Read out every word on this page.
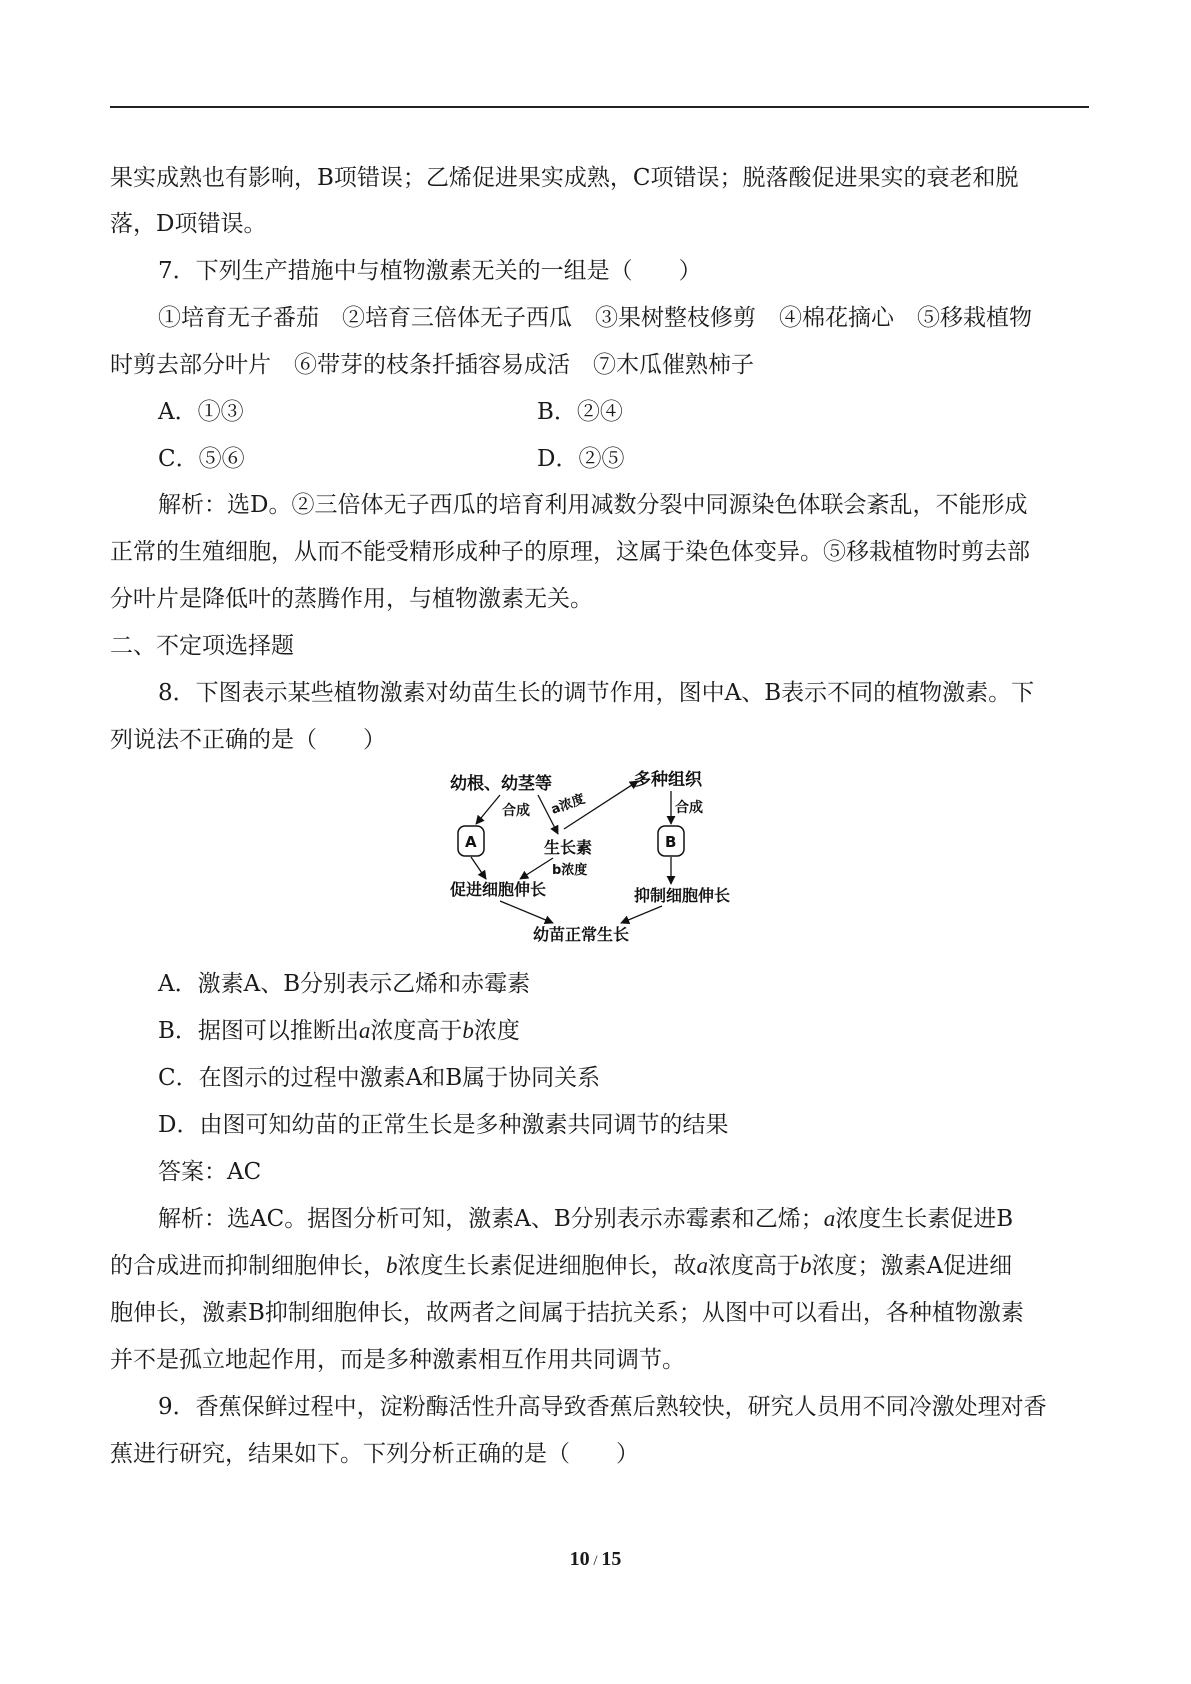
果实成熟也有影响，B项错误；乙烯促进果实成熟，C项错误；脱落酸促进果实的衰老和脱
落，D项错误。
7．下列生产措施中与植物激素无关的一组是（　　）
①培育无子番茄　②培育三倍体无子西瓜　③果树整枝修剪　④棉花摘心　⑤移栽植物
时剪去部分叶片　⑥带芽的枝条扦插容易成活　⑦木瓜催熟柿子
A．①③	B．②④
C．⑤⑥	D．②⑤
解析：选D。②三倍体无子西瓜的培育利用减数分裂中同源染色体联会紊乱，不能形成
正常的生殖细胞，从而不能受精形成种子的原理，这属于染色体变异。⑤移栽植物时剪去部
分叶片是降低叶的蒸腾作用，与植物激素无关。
二、不定项选择题
8．下图表示某些植物激素对幼苗生长的调节作用，图中A、B表示不同的植物激素。下
列说法不正确的是（　　）
幼根、幼茎等
合成
A	生长素
a浓度
b浓度
多种组织
合成
B
促进细胞伸长	抑制细胞伸长
幼苗正常生长
A．激素A、B分别表示乙烯和赤霉素
B．据图可以推断出a浓度高于b浓度
C．在图示的过程中激素A和B属于协同关系
D．由图可知幼苗的正常生长是多种激素共同调节的结果
答案：AC
解析：选AC。据图分析可知，激素A、B分别表示赤霉素和乙烯；a浓度生长素促进B
的合成进而抑制细胞伸长，b浓度生长素促进细胞伸长，故a浓度高于b浓度；激素A促进细
胞伸长，激素B抑制细胞伸长，故两者之间属于拮抗关系；从图中可以看出，各种植物激素
并不是孤立地起作用，而是多种激素相互作用共同调节。
9．香蕉保鲜过程中，淀粉酶活性升高导致香蕉后熟较快，研究人员用不同冷激处理对香
蕉进行研究，结果如下。下列分析正确的是（　　）
10 / 15
